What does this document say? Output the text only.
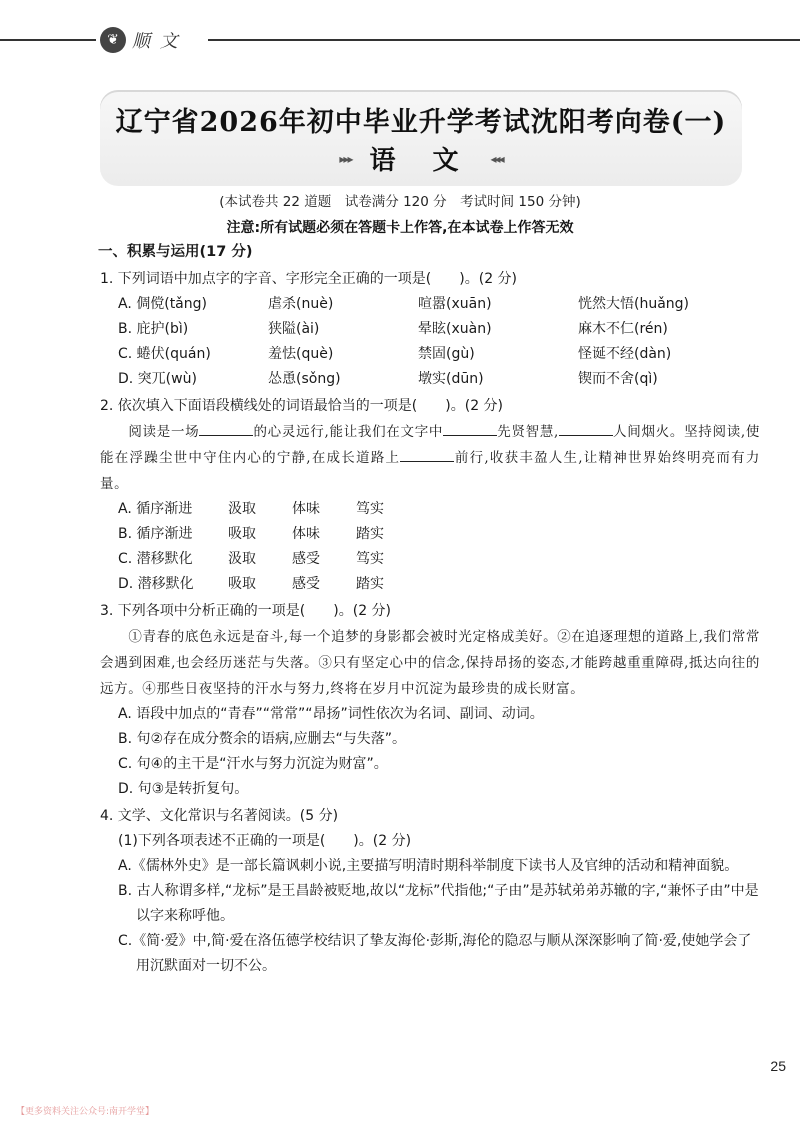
❦ 顺 文
辽宁省2026年初中毕业升学考试沈阳考向卷(一)
▸▸▸ 语 文 ◂◂◂
(本试卷共 22 道题　试卷满分 120 分　考试时间 150 分钟)
注意:所有试题必须在答题卡上作答,在本试卷上作答无效
一、积累与运用(17 分)
1. 下列词语中加点字的字音、字形完全正确的一项是(　　)。(2 分)
A. 倜傥(tǎng)	虐杀(nuè)	喧嚣(xuān)	恍然大悟(huǎng)
B. 庇护(bì)	狭隘(ài)	晕眩(xuàn)	麻木不仁(rén)
C. 蜷伏(quán)	羞怯(què)	禁固(gù)	怪诞不经(dàn)
D. 突兀(wù)	怂恿(sǒng)	墩实(dūn)	锲而不舍(qì)
2. 依次填入下面语段横线处的词语最恰当的一项是(　　)。(2 分)
阅读是一场	的心灵远行,能让我们在文字中	先贤智慧,	人间烟火。坚持阅读,使能在浮躁尘世中守住内心的宁静,在成长道路上	前行,收获丰盈人生,让精神世界始终明亮而有力量。
A. 循序渐进	汲取	体味	笃实
B. 循序渐进	吸取	体味	踏实
C. 潜移默化	汲取	感受	笃实
D. 潜移默化	吸取	感受	踏实
3. 下列各项中分析正确的一项是(　　)。(2 分)
①青春的底色永远是奋斗,每一个追梦的身影都会被时光定格成美好。②在追逐理想的道路上,我们常常会遇到困难,也会经历迷茫与失落。③只有坚定心中的信念,保持昂扬的姿态,才能跨越重重障碍,抵达向往的远方。④那些日夜坚持的汗水与努力,终将在岁月中沉淀为最珍贵的成长财富。
A. 语段中加点的“青春”“常常”“昂扬”词性依次为名词、副词、动词。
B. 句②存在成分赘余的语病,应删去“与失落”。
C. 句④的主干是“汗水与努力沉淀为财富”。
D. 句③是转折复句。
4. 文学、文化常识与名著阅读。(5 分)
(1)下列各项表述不正确的一项是(　　)。(2 分)
A.《儒林外史》是一部长篇讽刺小说,主要描写明清时期科举制度下读书人及官绅的活动和精神面貌。
B. 古人称谓多样,“龙标”是王昌龄被贬地,故以“龙标”代指他;“子由”是苏轼弟弟苏辙的字,“兼怀子由”中是以字来称呼他。
C.《简·爱》中,简·爱在洛伍德学校结识了挚友海伦·彭斯,海伦的隐忍与顺从深深影响了简·爱,使她学会了用沉默面对一切不公。
25
【更多资料关注公众号:南开学堂】
